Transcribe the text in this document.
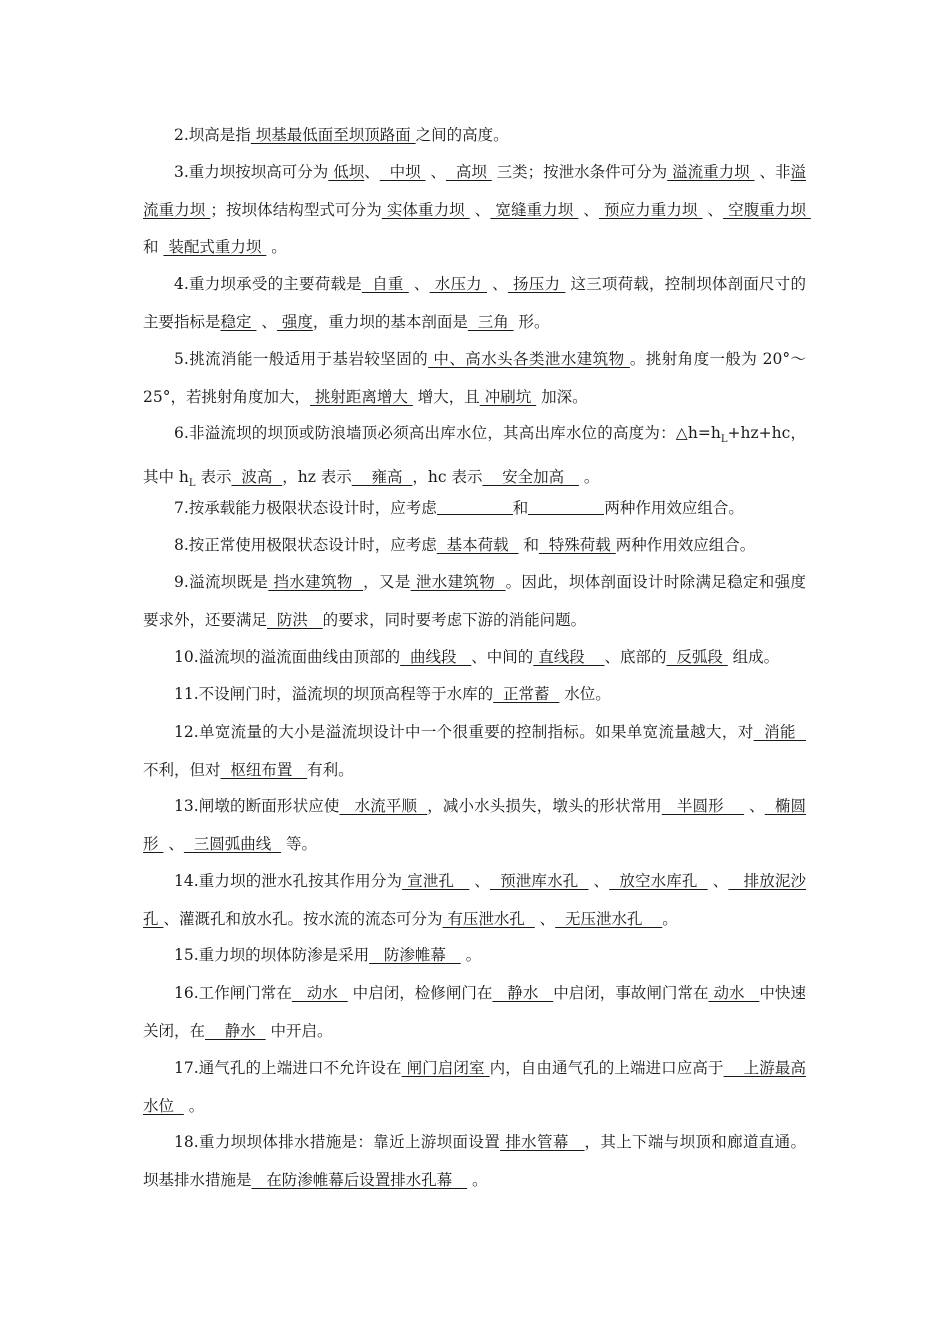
2.坝高是指 坝基最低面至坝顶路面 之间的高度。

3.重力坝按坝高可分为 低坝、  中坝  、  高坝  三类；按泄水条件可分为 溢流重力坝  、非溢流重力坝 ；按坝体结构型式可分为 实体重力坝  、 宽缝重力坝  、 预应力重力坝  、 空腹重力坝  和  装配式重力坝  。

4.重力坝承受的主要荷载是  自重  、 水压力  、 扬压力  这三项荷载，控制坝体剖面尺寸的主要指标是稳定  、 强度，重力坝的基本剖面是  三角  形。

5.挑流消能一般适用于基岩较坚固的 中、高水头各类泄水建筑物 。挑射角度一般为 20°～25°，若挑射角度加大， 挑射距离增大  增大，且 冲刷坑  加深。

6.非溢流坝的坝顶或防浪墙顶必须高出库水位，其高出库水位的高度为：$\triangle h=h_L+hz+hc$，其中 $h_L$ 表示  波高  ，hz 表示    雍高  ，hc 表示    安全加高    。

7.按承载能力极限状态设计时，应考虑	和	两种作用效应组合。

8.按正常使用极限状态设计时，应考虑  基本荷载   和  特殊荷载 两种作用效应组合。

9.溢流坝既是 挡水建筑物  ，又是 泄水建筑物  。因此，坝体剖面设计时除满足稳定和强度要求外，还要满足  防洪   的要求，同时要考虑下游的消能问题。

10.溢流坝的溢流面曲线由顶部的  曲线段   、中间的 直线段    、底部的  反弧段  组成。

11.不设闸门时，溢流坝的坝顶高程等于水库的  正常蓄   水位。

12.单宽流量的大小是溢流坝设计中一个很重要的控制指标。如果单宽流量越大，对  消能   不利，但对  枢纽布置   有利。

13.闸墩的断面形状应使   水流平顺  ，减小水头损失，墩头的形状常用   半圆形     、  椭圆形  、  三圆弧曲线   等。

14.重力坝的泄水孔按其作用分为 宣泄孔    、  预泄库水孔   、  放空水库孔   、   排放泥沙孔 、灌溉孔和放水孔。按水流的流态可分为 有压泄水孔   、  无压泄水孔    。

15.重力坝的坝体防渗是采用   防渗帷幕    。

16.工作闸门常在   动水   中启闭，检修闸门在   静水   中启闭，事故闸门常在 动水   中快速关闭，在    静水   中开启。

17.通气孔的上端进口不允许设在 闸门启闭室 内，自由通气孔的上端进口应高于    上游最高水位   。

18.重力坝坝体排水措施是：靠近上游坝面设置 排水管幕   ，其上下端与坝顶和廊道直通。坝基排水措施是   在防渗帷幕后设置排水孔幕    。
